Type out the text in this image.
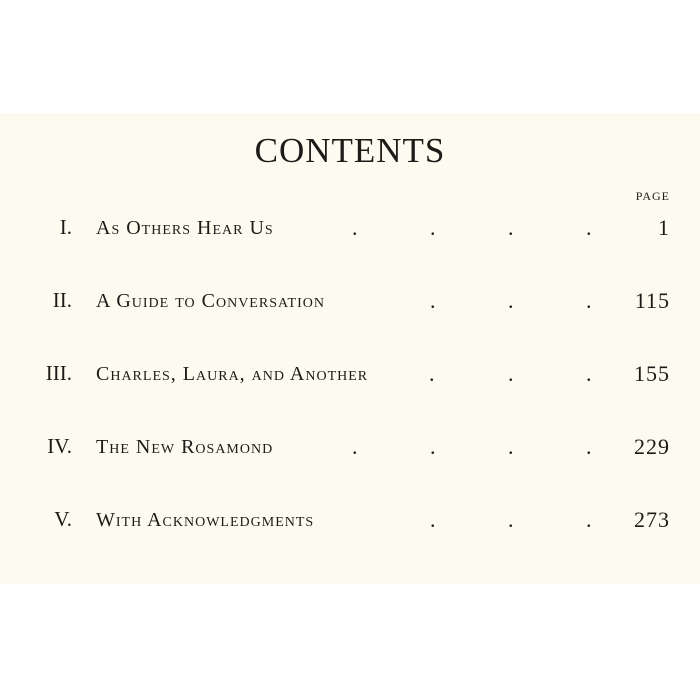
CONTENTS
PAGE
I. As Others Hear Us	.	.	.	.	1
II. A Guide to Conversation	.	.	. 115
III. Charles, Laura, and Another	.	.	. 155
IV. The New Rosamond	.	.	.	. 229
V. With Acknowledgments	.	.	. 273
